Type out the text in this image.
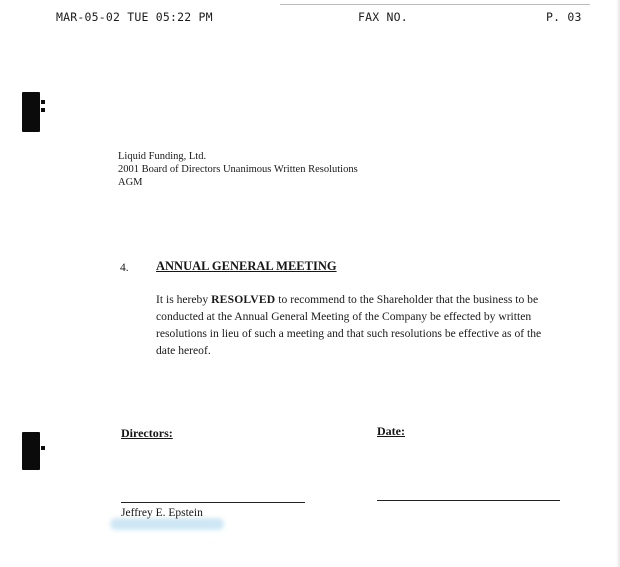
MAR-05-02 TUE 05:22 PM	FAX NO.	P. 03
Liquid Funding, Ltd.
2001 Board of Directors Unanimous Written Resolutions
AGM
4. ANNUAL GENERAL MEETING
It is hereby RESOLVED to recommend to the Shareholder that the business to be
conducted at the Annual General Meeting of the Company be effected by written
resolutions in lieu of such a meeting and that such resolutions be effective as of the
date hereof.
Directors:	Date:
Jeffrey E. Epstein
